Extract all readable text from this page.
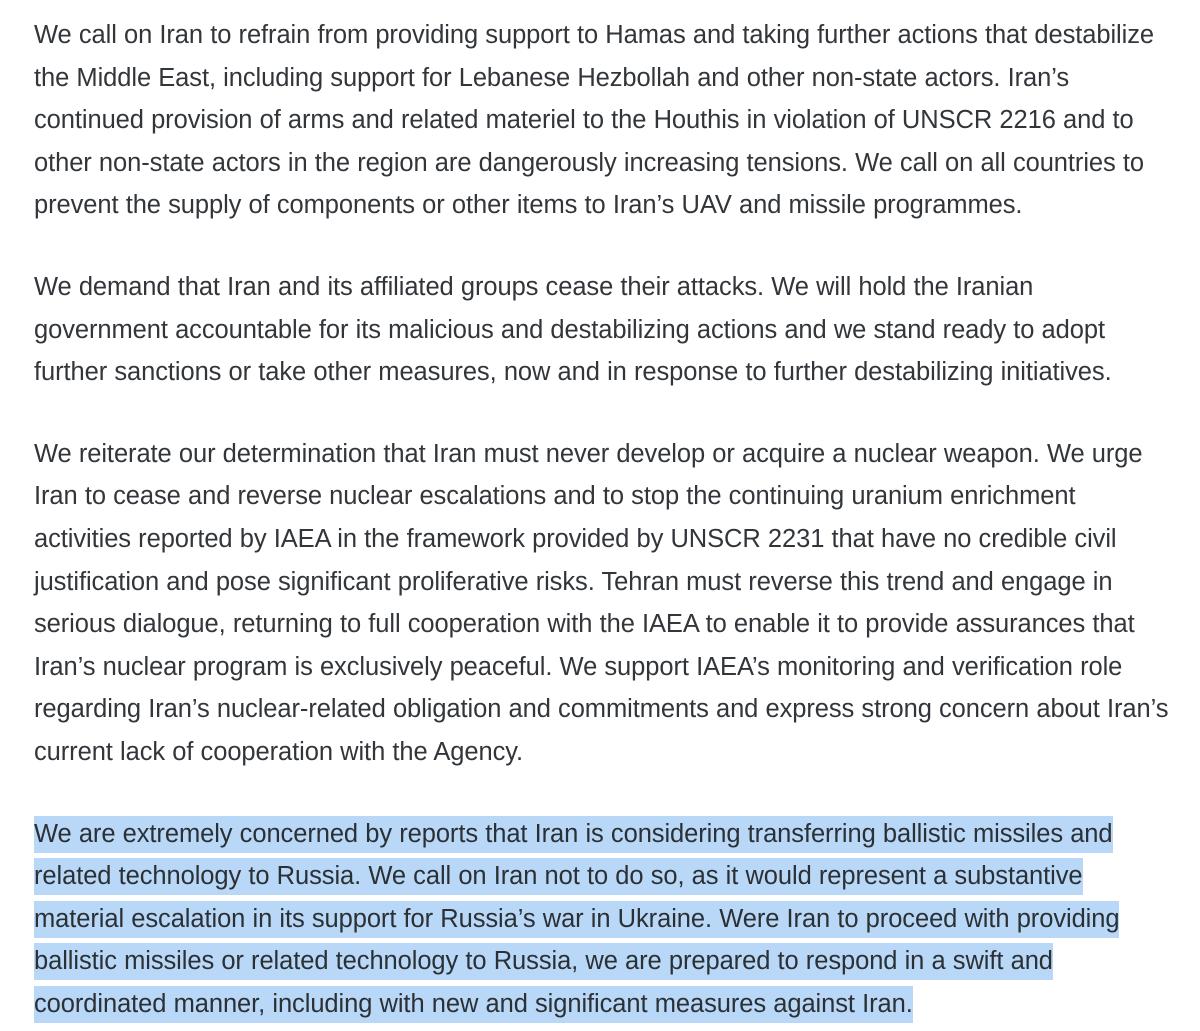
We call on Iran to refrain from providing support to Hamas and taking further actions that destabilize the Middle East, including support for Lebanese Hezbollah and other non-state actors. Iran’s continued provision of arms and related materiel to the Houthis in violation of UNSCR 2216 and to other non-state actors in the region are dangerously increasing tensions. We call on all countries to prevent the supply of components or other items to Iran’s UAV and missile programmes.

We demand that Iran and its affiliated groups cease their attacks. We will hold the Iranian government accountable for its malicious and destabilizing actions and we stand ready to adopt further sanctions or take other measures, now and in response to further destabilizing initiatives.

We reiterate our determination that Iran must never develop or acquire a nuclear weapon. We urge Iran to cease and reverse nuclear escalations and to stop the continuing uranium enrichment activities reported by IAEA in the framework provided by UNSCR 2231 that have no credible civil justification and pose significant proliferative risks. Tehran must reverse this trend and engage in serious dialogue, returning to full cooperation with the IAEA to enable it to provide assurances that Iran’s nuclear program is exclusively peaceful. We support IAEA’s monitoring and verification role regarding Iran’s nuclear-related obligation and commitments and express strong concern about Iran’s current lack of cooperation with the Agency.

We are extremely concerned by reports that Iran is considering transferring ballistic missiles and related technology to Russia. We call on Iran not to do so, as it would represent a substantive material escalation in its support for Russia’s war in Ukraine. Were Iran to proceed with providing ballistic missiles or related technology to Russia, we are prepared to respond in a swift and coordinated manner, including with new and significant measures against Iran.
